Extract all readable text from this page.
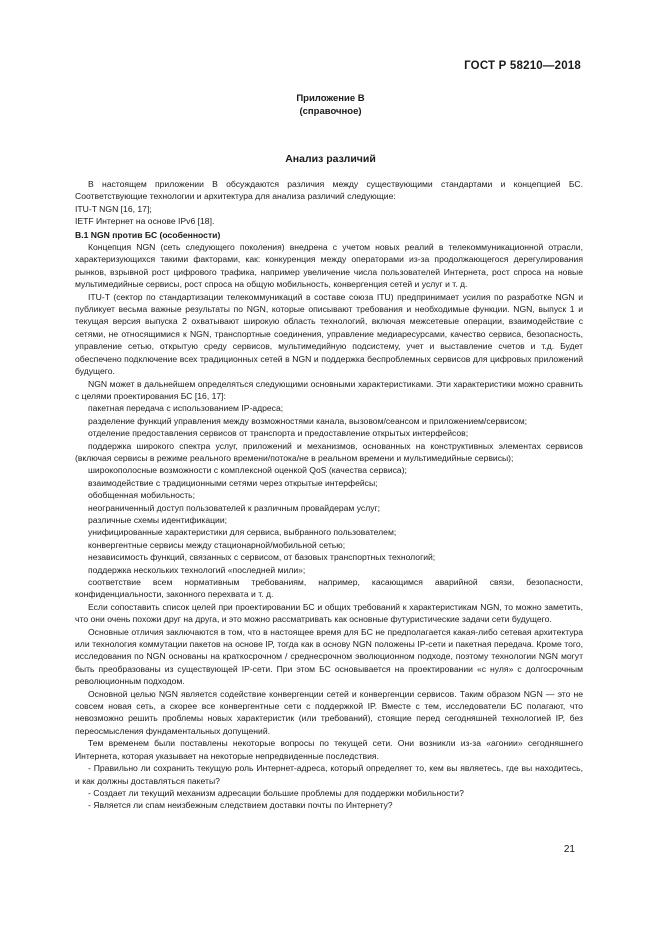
ГОСТ Р 58210—2018
Приложение В
(справочное)
Анализ различий

В настоящем приложении В обсуждаются различия между существующими стандартами и концепцией БС. Соответствующие технологии и архитектура для анализа различий следующие:

ITU-T NGN [16, 17];

IETF Интернет на основе IPv6 [18].

В.1 NGN против БС (особенности)

Концепция NGN (сеть следующего поколения) внедрена с учетом новых реалий в телекоммуникационной отрасли, характеризующихся такими факторами, как: конкуренция между операторами из-за продолжающегося дерегулирования рынков, взрывной рост цифрового трафика, например увеличение числа пользователей Интернета, рост спроса на новые мультимедийные сервисы, рост спроса на общую мобильность, конвергенция сетей и услуг и т. д.

ITU-T (сектор по стандартизации телекоммуникаций в составе союза ITU) предпринимает усилия по разработке NGN и публикует весьма важные результаты по NGN, которые описывают требования и необходимые функции. NGN, выпуск 1 и текущая версия выпуска 2 охватывают широкую область технологий, включая межсетевые операции, взаимодействие с сетями, не относящимися к NGN, транспортные соединения, управление медиаресурсами, качество сервиса, безопасность, управление сетью, открытую среду сервисов, мультимедийную подсистему, учет и выставление счетов и т.д. Будет обеспечено подключение всех традиционных сетей в NGN и поддержка беспроблемных сервисов для цифровых приложений будущего.

NGN может в дальнейшем определяться следующими основными характеристиками. Эти характеристики можно сравнить с целями проектирования БС [16, 17]:

пакетная передача с использованием IP-адреса;

разделение функций управления между возможностями канала, вызовом/сеансом и приложением/сервисом;

отделение предоставления сервисов от транспорта и предоставление открытых интерфейсов;

поддержка широкого спектра услуг, приложений и механизмов, основанных на конструктивных элементах сервисов (включая сервисы в режиме реального времени/потока/не в реальном времени и мультимедийные сервисы);

широкополосные возможности с комплексной оценкой QoS (качества сервиса);

взаимодействие с традиционными сетями через открытые интерфейсы;

обобщенная мобильность;

неограниченный доступ пользователей к различным провайдерам услуг;

различные схемы идентификации;

унифицированные характеристики для сервиса, выбранного пользователем;

конвергентные сервисы между стационарной/мобильной сетью;

независимость функций, связанных с сервисом, от базовых транспортных технологий;

поддержка нескольких технологий «последней мили»;

соответствие всем нормативным требованиям, например, касающимся аварийной связи, безопасности, конфиденциальности, законного перехвата и т. д.

Если сопоставить список целей при проектировании БС и общих требований к характеристикам NGN, то можно заметить, что они очень похожи друг на друга, и это можно рассматривать как основные футуристические задачи сети будущего.

Основные отличия заключаются в том, что в настоящее время для БС не предполагается какая-либо сетевая архитектура или технология коммутации пакетов на основе IP, тогда как в основу NGN положены IP-сети и пакетная передача. Кроме того, исследования по NGN основаны на краткосрочном / среднесрочном эволюционном подходе, поэтому технологии NGN могут быть преобразованы из существующей IP-сети. При этом БС основывается на проектировании «с нуля» с долгосрочным революционным подходом.

Основной целью NGN является содействие конвергенции сетей и конвергенции сервисов. Таким образом NGN — это не совсем новая сеть, а скорее все конвергентные сети с поддержкой IP. Вместе с тем, исследователи БС полагают, что невозможно решить проблемы новых характеристик (или требований), стоящие перед сегодняшней технологией IP, без переосмысления фундаментальных допущений.

Тем временем были поставлены некоторые вопросы по текущей сети. Они возникли из-за «агонии» сегодняшнего Интернета, которая указывает на некоторые непредвиденные последствия.

- Правильно ли сохранить текущую роль Интернет-адреса, который определяет то, кем вы являетесь, где вы находитесь, и как должны доставляться пакеты?

- Создает ли текущий механизм адресации большие проблемы для поддержки мобильности?

- Является ли спам неизбежным следствием доставки почты по Интернету?

21
